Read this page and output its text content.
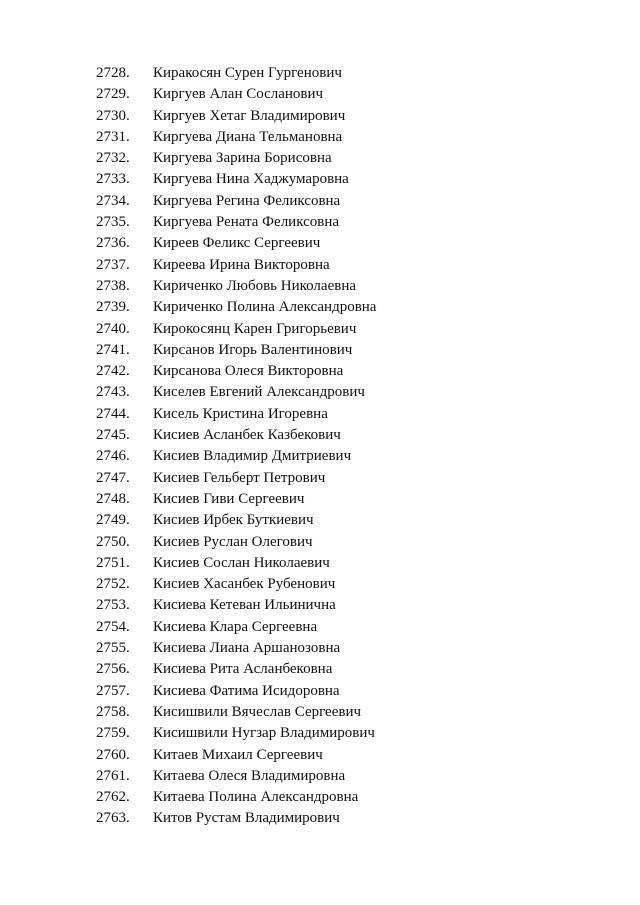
2728. Киракосян Сурен Гургенович
2729. Киргуев Алан Сосланович
2730. Киргуев Хетаг Владимирович
2731. Киргуева Диана Тельмановна
2732. Киргуева Зарина Борисовна
2733. Киргуева Нина Хаджумаровна
2734. Киргуева Регина Феликсовна
2735. Киргуева Рената Феликсовна
2736. Киреев Феликс Сергеевич
2737. Киреева Ирина Викторовна
2738. Кириченко Любовь Николаевна
2739. Кириченко Полина Александровна
2740. Кирокосянц Карен Григорьевич
2741. Кирсанов Игорь Валентинович
2742. Кирсанова Олеся Викторовна
2743. Киселев Евгений Александрович
2744. Кисель Кристина Игоревна
2745. Кисиев Асланбек Казбекович
2746. Кисиев Владимир Дмитриевич
2747. Кисиев Гельберт Петрович
2748. Кисиев Гиви Сергеевич
2749. Кисиев Ирбек Буткиевич
2750. Кисиев Руслан Олегович
2751. Кисиев Сослан Николаевич
2752. Кисиев Хасанбек Рубенович
2753. Кисиева Кетеван Ильинична
2754. Кисиева Клара Сергеевна
2755. Кисиева Лиана Аршанозовна
2756. Кисиева Рита Асланбековна
2757. Кисиева Фатима Исидоровна
2758. Кисишвили Вячеслав Сергеевич
2759. Кисишвили Нугзар Владимирович
2760. Китаев Михаил Сергеевич
2761. Китаева Олеся Владимировна
2762. Китаева Полина Александровна
2763. Китов Рустам Владимирович
